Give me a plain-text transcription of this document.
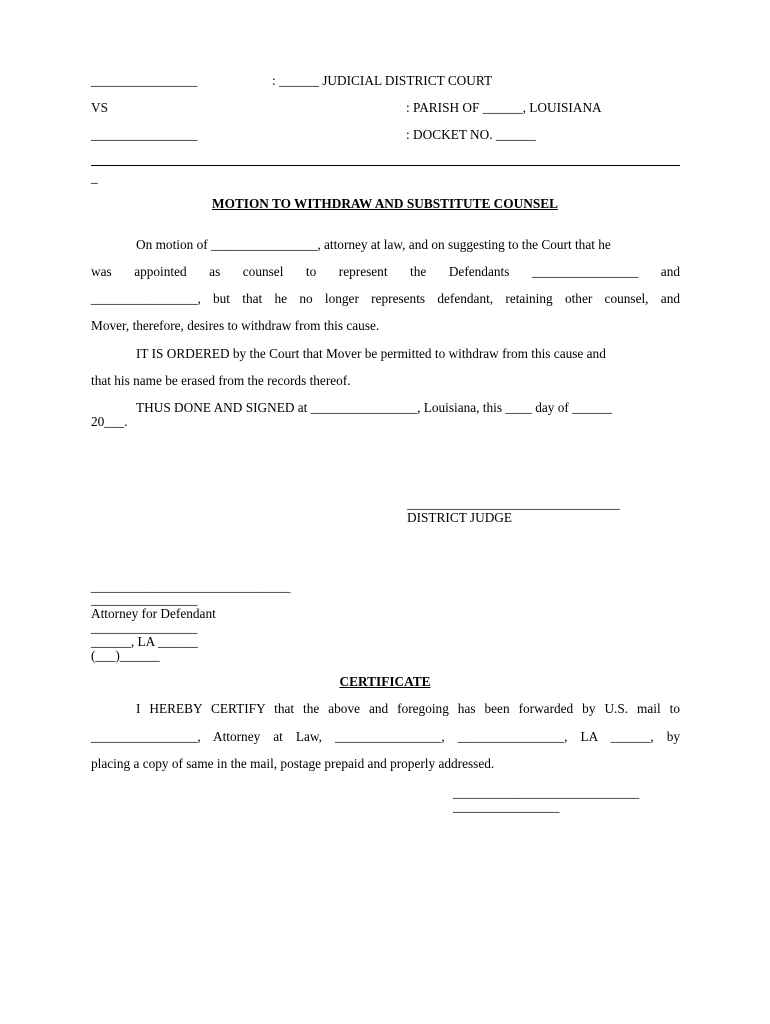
________________	: ______ JUDICIAL DISTRICT COURT
VS	: PARISH OF ______, LOUISIANA
________________	: DOCKET NO. ______
_
MOTION TO WITHDRAW AND SUBSTITUTE COUNSEL
On motion of ________________, attorney at law, and on suggesting to the Court that he
was appointed as counsel to represent the Defendants ________________ and
________________, but that he no longer represents defendant, retaining other counsel, and
Mover, therefore, desires to withdraw from this cause.
IT IS ORDERED by the Court that Mover be permitted to withdraw from this cause and
that his name be erased from the records thereof.
THUS DONE AND SIGNED at ________________, Louisiana, this ____ day of ______
20___.
________________________________
DISTRICT JUDGE
______________________________
________________
Attorney for Defendant
________________
______, LA ______
(___)______
CERTIFICATE
I HEREBY CERTIFY that the above and foregoing has been forwarded by U.S. mail to
________________, Attorney at Law, ________________, ________________, LA ______, by
placing a copy of same in the mail, postage prepaid and properly addressed.
____________________________
________________
